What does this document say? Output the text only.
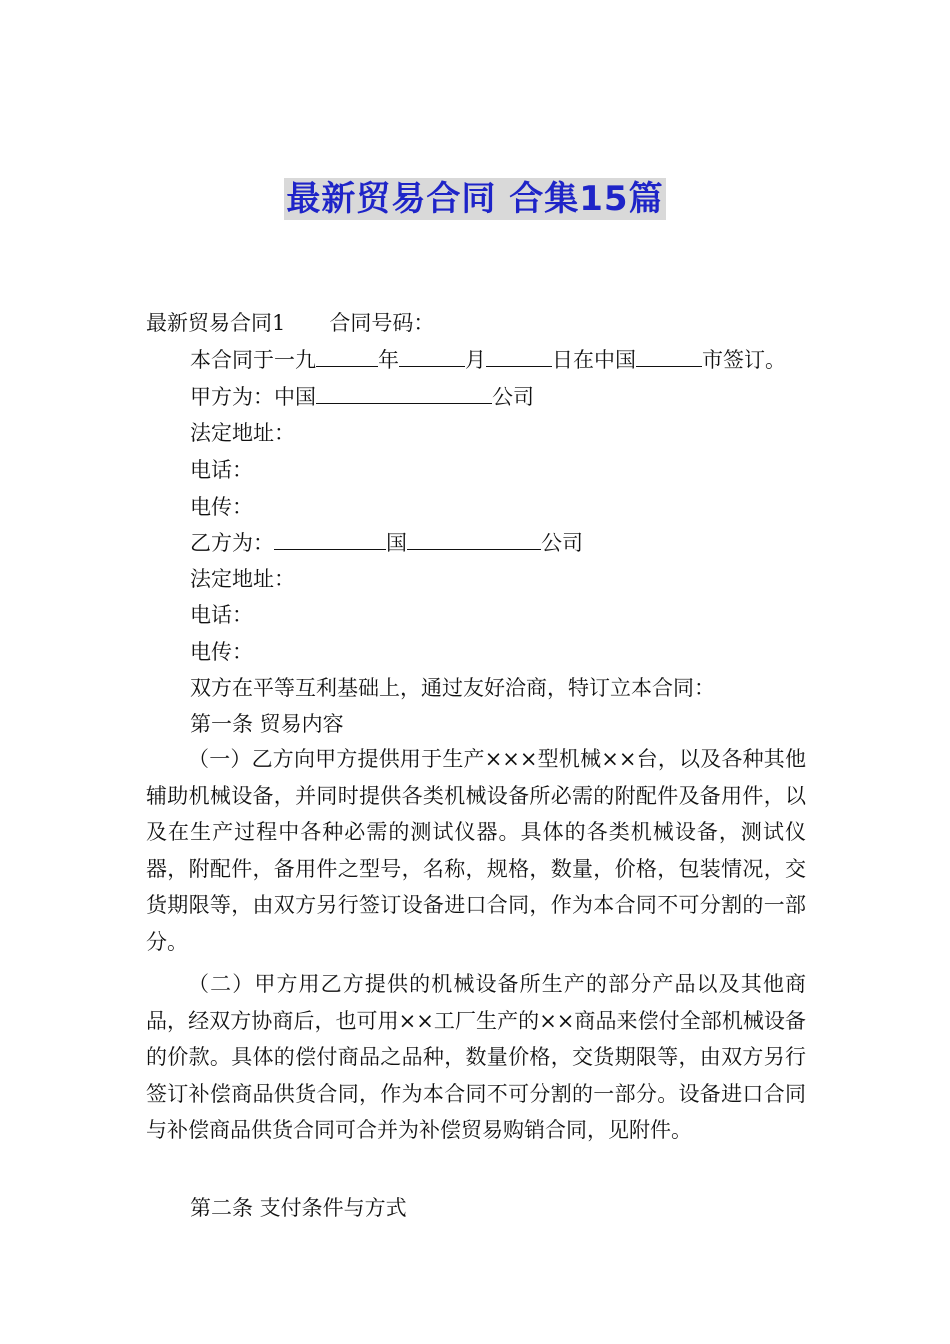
最新贸易合同 合集15篇
最新贸易合同1 合同号码：
本合同于一九	年	月	日在中国	市签订。
甲方为：中国	公司
法定地址：
电话：
电传：
乙方为：	国	公司
法定地址：
电话：
电传：
双方在平等互利基础上，通过友好洽商，特订立本合同：
第一条 贸易内容
（一）乙方向甲方提供用于生产×××型机械××台，以及各种其他辅助机械设备，并同时提供各类机械设备所必需的附配件及备用件，以及在生产过程中各种必需的测试仪器。具体的各类机械设备，测试仪器，附配件，备用件之型号，名称，规格，数量，价格，包装情况，交货期限等，由双方另行签订设备进口合同，作为本合同不可分割的一部分。
（二）甲方用乙方提供的机械设备所生产的部分产品以及其他商品，经双方协商后，也可用××工厂生产的××商品来偿付全部机械设备的价款。具体的偿付商品之品种，数量价格，交货期限等，由双方另行签订补偿商品供货合同，作为本合同不可分割的一部分。设备进口合同与补偿商品供货合同可合并为补偿贸易购销合同，见附件。
第二条 支付条件与方式
